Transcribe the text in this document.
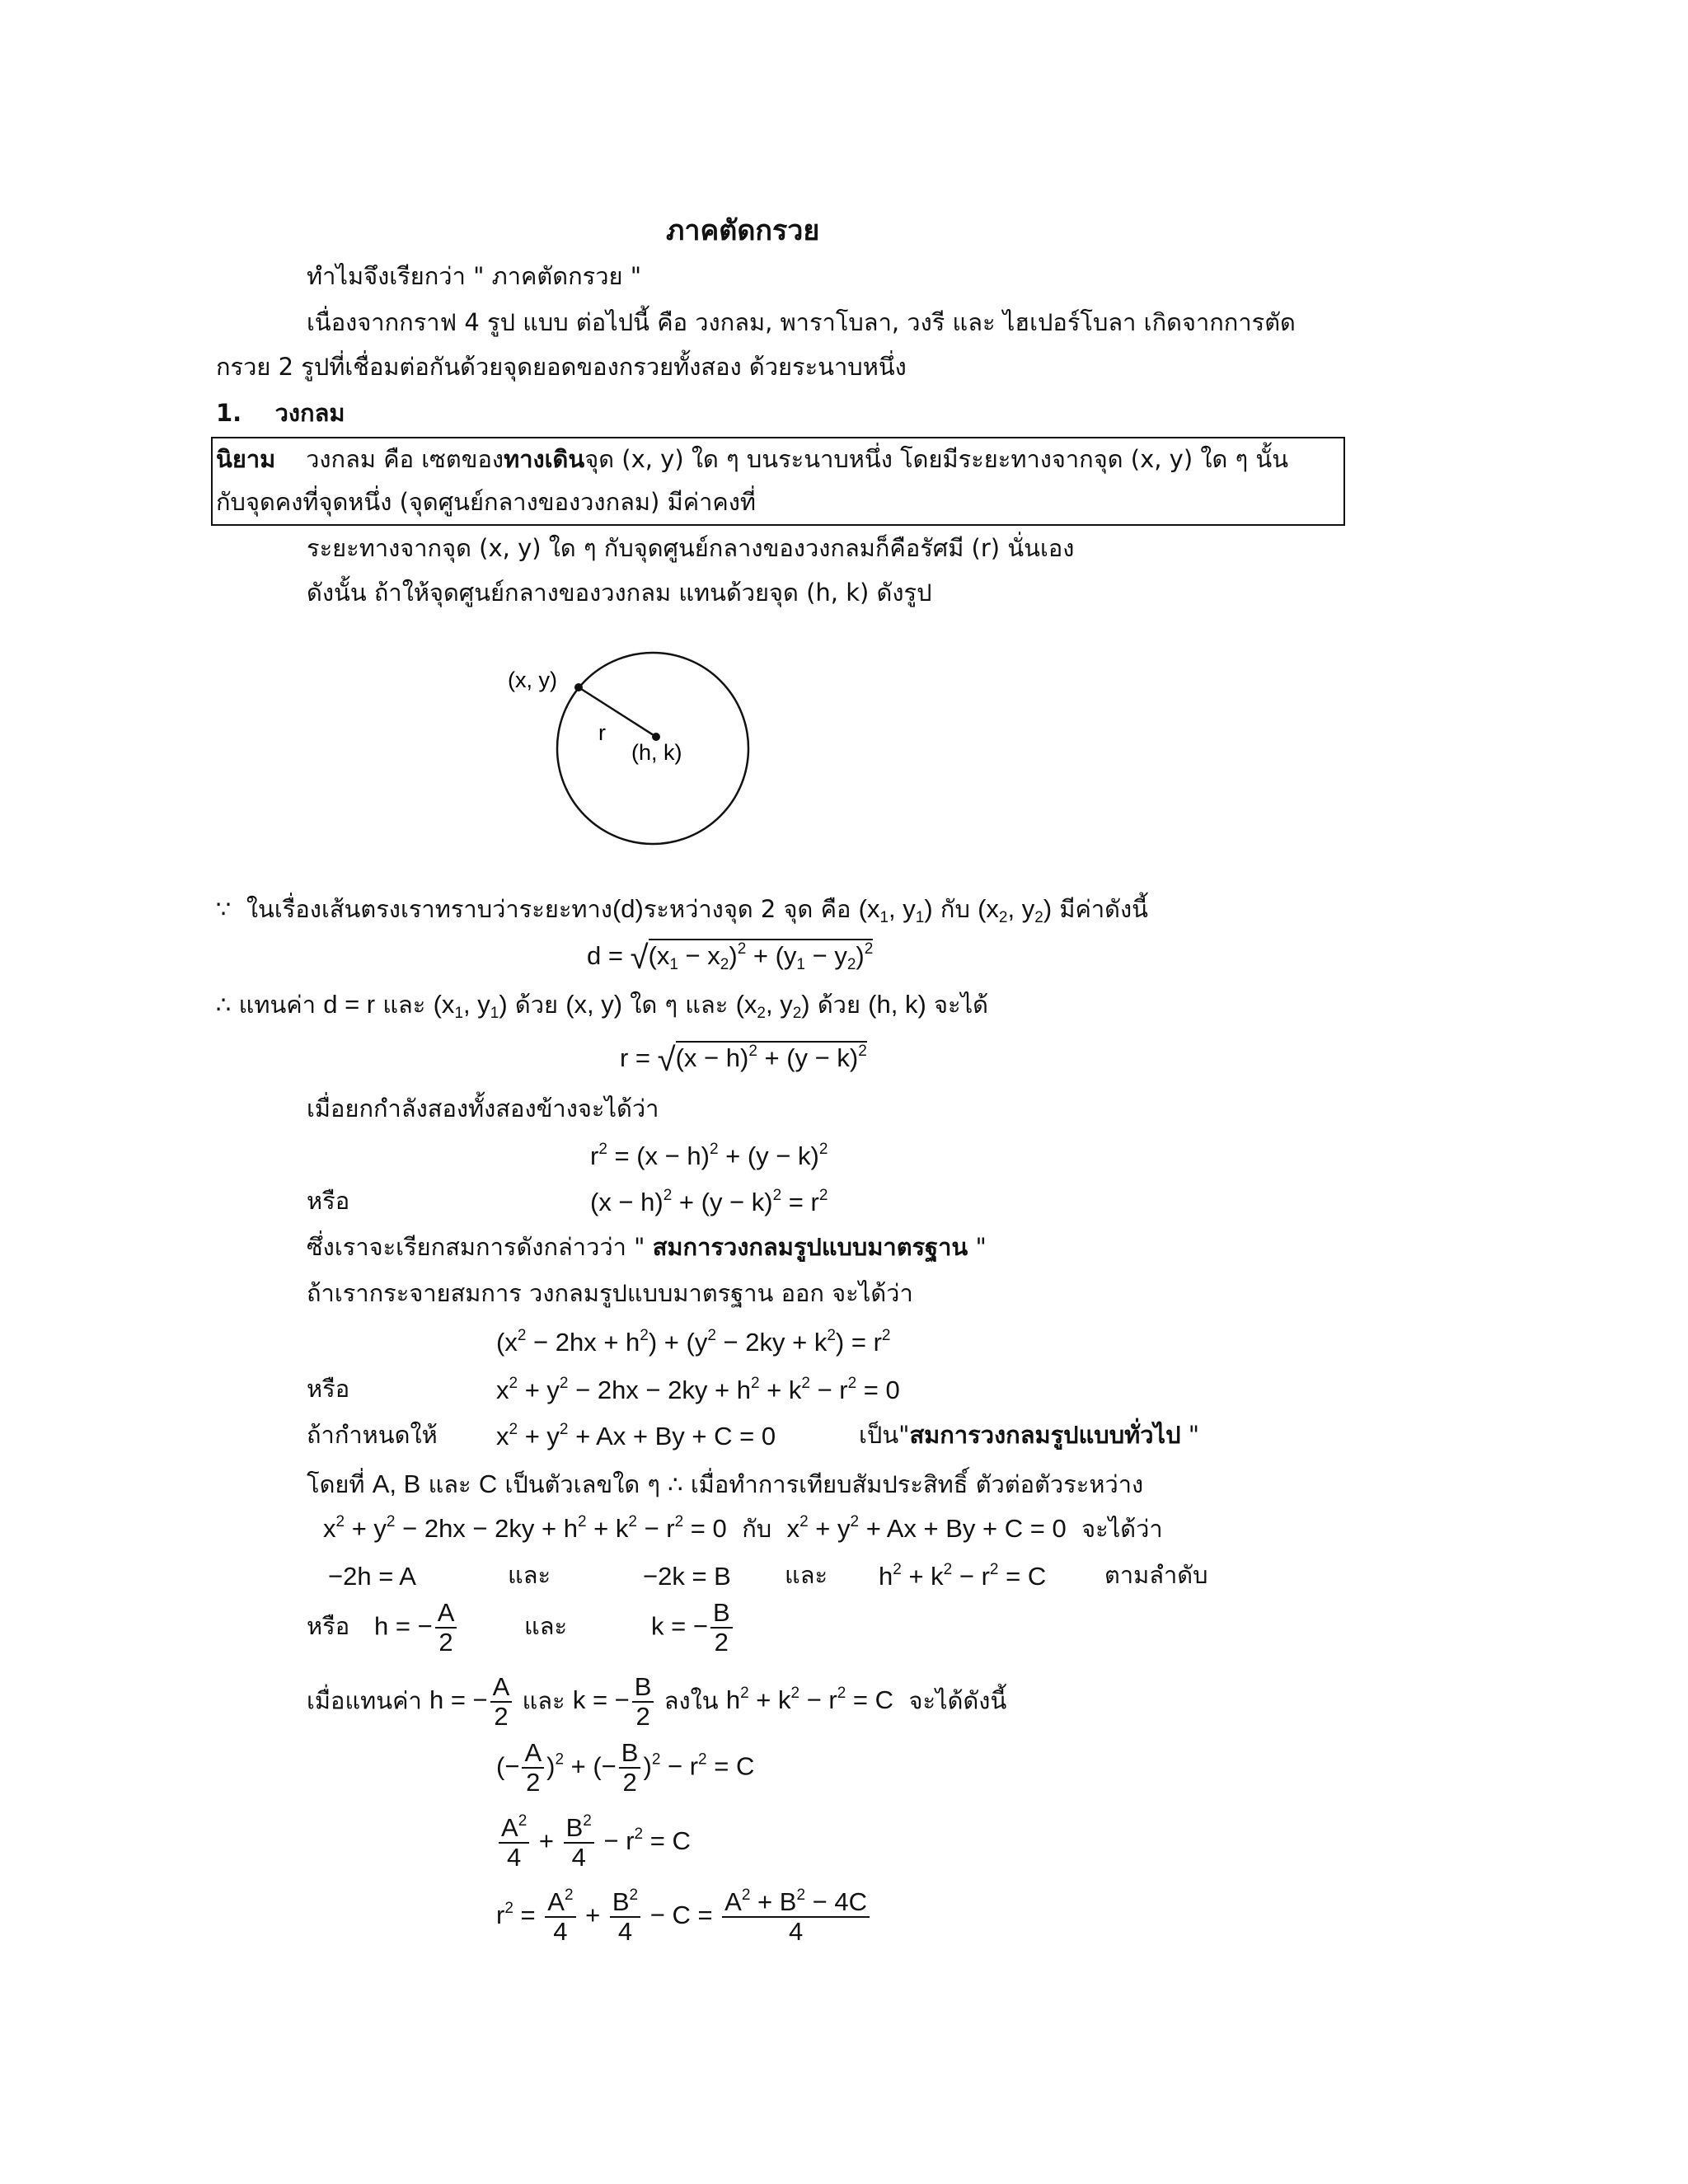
ภาคตัดกรวย
ทำไมจึงเรียกว่า " ภาคตัดกรวย "
เนื่องจากกราฟ 4 รูป แบบ ต่อไปนี้ คือ วงกลม, พาราโบลา, วงรี และ ไฮเปอร์โบลา เกิดจากการตัด
กรวย 2 รูปที่เชื่อมต่อกันด้วยจุดยอดของกรวยทั้งสอง ด้วยระนาบหนึ่ง
1. วงกลม
นิยาม วงกลม คือ เซตของทางเดินจุด (x, y) ใด ๆ บนระนาบหนึ่ง โดยมีระยะทางจากจุด (x, y) ใด ๆ นั้น
กับจุดคงที่จุดหนึ่ง (จุดศูนย์กลางของวงกลม) มีค่าคงที่
ระยะทางจากจุด (x, y) ใด ๆ กับจุดศูนย์กลางของวงกลมก็คือรัศมี (r) นั่นเอง
ดังนั้น ถ้าให้จุดศูนย์กลางของวงกลม แทนด้วยจุด (h, k) ดังรูป
(x, y)
r
(h, k)
∵ ในเรื่องเส้นตรงเราทราบว่าระยะทาง(d)ระหว่างจุด 2 จุด คือ ($x_1$, $y_1$) กับ ($x_2$, $y_2$) มีค่าดังนี้
$d = √(x_1 - x_2)^2 + (y_1 - y_2)^2$
∴ แทนค่า d = r และ ($x_1$, $y_1$) ด้วย (x, y) ใด ๆ และ ($x_2$, $y_2$) ด้วย (h, k) จะได้
$r = √(x - h)^2 + (y - k)^2$
เมื่อยกกำลังสองทั้งสองข้างจะได้ว่า
$r^2 = (x - h)^2 + (y - k)^2$
หรือ	$(x - h)^2 + (y - k)^2 = r^2$
ซึ่งเราจะเรียกสมการดังกล่าวว่า " สมการวงกลมรูปแบบมาตรฐาน "
ถ้าเรากระจายสมการ วงกลมรูปแบบมาตรฐาน ออก จะได้ว่า
$(x^2 - 2hx + h^2) + (y^2 - 2ky + k^2) = r^2$
หรือ	$x^2 + y^2 - 2hx - 2ky + h^2 + k^2 - r^2 = 0$
ถ้ากำหนดให้ $x^2 + y^2 + Ax + By + C = 0$	เป็น"สมการวงกลมรูปแบบทั่วไป "
โดยที่ A, B และ C เป็นตัวเลขใด ๆ ∴ เมื่อทำการเทียบสัมประสิทธิ์ ตัวต่อตัวระหว่าง
$x^2 + y^2 - 2hx - 2ky + h^2 + k^2 - r^2 = 0$ กับ $x^2 + y^2 + Ax + By + C = 0$ จะได้ว่า
−2h = A	และ	−2k = B และ $h^2 + k^2 - r^2 = C$ ตามลำดับ
หรือ h = − $\frac{A}{2}$	และ	k = − $\frac{B}{2}$
เมื่อแทนค่า h = − $\frac{A}{2}$ และ k = − $\frac{B}{2}$ ลงใน $h^2 + k^2 - r^2 = C$ จะได้ดังนี้
(− $\frac{A}{2} )^2$ + (− $\frac{B}{2} )^2 - r^2 = C$
$\frac{A^2}{4} + \frac{B^2}{4} - r^2 = C$
$r^2 = \frac{A^2}{4} + \frac{B^2}{4} - C = \frac{A^2 + B^2 - 4C}{4}$
